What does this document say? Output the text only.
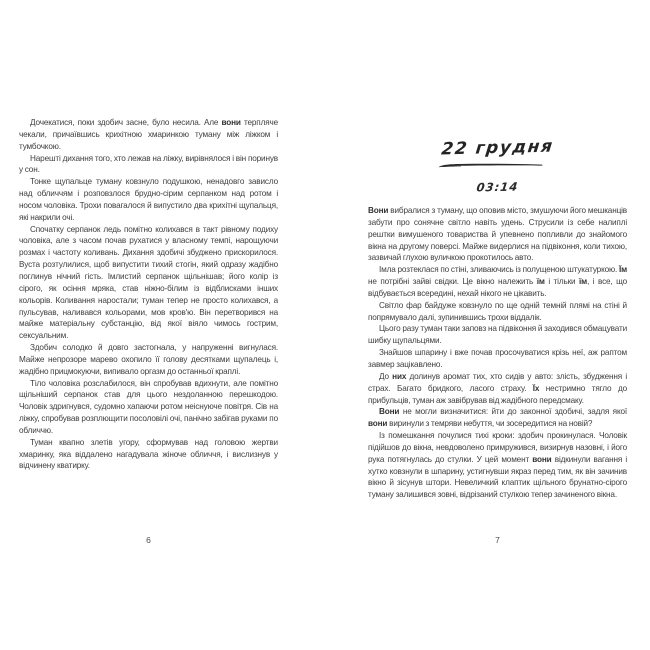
Дочекатися, поки здобич засне, було несила. Але вони терпляче чекали, причаївшись крихітною хмаринкою туману між ліжком і тумбочкою.

Нарешті дихання того, хто лежав на ліжку, вирівнялося і він поринув у сон.

Тонке щупальце туману ковзнуло подушкою, ненадовго зависло над обличчям і розповзлося брудно-сірим серпанком над ротом і носом чоловіка. Трохи повагалося й випустило два крихітні щупальця, які накрили очі.

Спочатку серпанок ледь помітно колихався в такт рівному подиху чоловіка, але з часом почав рухатися у власному темпі, нарощуючи розмах і частоту коливань. Дихання здобичі збуджено прискорилося. Вуста розтулилися, щоб випустити тихий стогін, який одразу жадібно поглинув нічний гість. Імлистий серпанок щільнішав; його колір із сірого, як осіння мряка, став ніжно-білим із відблисками інших кольорів. Коливання наростали; туман тепер не просто колихався, а пульсував, наливався кольорами, мов кров'ю. Він перетворився на майже матеріальну субстанцію, від якої віяло чимось гострим, сексуальним.

Здобич солодко й довго застогнала, у напруженні вигнулася. Майже непрозоре марево охопило її голову десятками щупалець і, жадібно прицмокуючи, випивало оргазм до останньої краплі.

Тіло чоловіка розслабилося, він спробував вдихнути, але помітно щільніший серпанок став для цього нездоланною перешкодою. Чоловік здригнувся, судомно хапаючи ротом неіснуюче повітря. Сів на ліжку, спробував розплющити посоловілі очі, панічно забігав руками по обличчю.

Туман квапно злетів угору, сформував над головою жертви хмаринку, яка віддалено нагадувала жіноче обличчя, і вислизнув у відчинену кватирку.

6
22 грудня
03:14

Вони вибралися з туману, що оповив місто, змушуючи його мешканців забути про сонячне світло навіть удень. Струсили із себе налиплі рештки вимушеного товариства й упевнено попливли до знайомого вікна на другому поверсі. Майже видерлися на підвіконня, коли тихою, зазвичай глухою вуличкою прокотилось авто.

Імла розтеклася по стіні, зливаючись із полущеною штукатуркою. Їм не потрібні зайві свідки. Це вікно належить їм і тільки їм, і все, що відбувається всередині, нехай нікого не цікавить.

Світло фар байдуже ковзнуло по ще одній темній плямі на стіні й попрямувало далі, зупинившись трохи віддалік.

Цього разу туман таки заповз на підвіконня й заходився обмацувати шибку щупальцями.

Знайшов шпарину і вже почав просочуватися крізь неї, аж раптом завмер зацікавлено.

До них долинув аромат тих, хто сидів у авто: злість, збудження і страх. Багато бридкого, ласого страху. Їх нестримно тягло до прибульців, туман аж завібрував від жадібного передсмаку.

Вони не могли визначитися: йти до законної здобичі, задля якої вони виринули з темряви небуття, чи зосередитися на новій?

Із помешкання почулися тихі кроки: здобич прокинулася. Чоловік підійшов до вікна, невдоволено примружився, визирнув назовні, і його рука потягнулась до стулки. У цей момент вони відкинули вагання і хутко ковзнули в шпарину, устигнувши якраз перед тим, як він зачинив вікно й зісунув штори. Невеличкий клаптик щільного брунатно-сірого туману залишився зовні, відрізаний стулкою тепер зачиненого вікна.

7
